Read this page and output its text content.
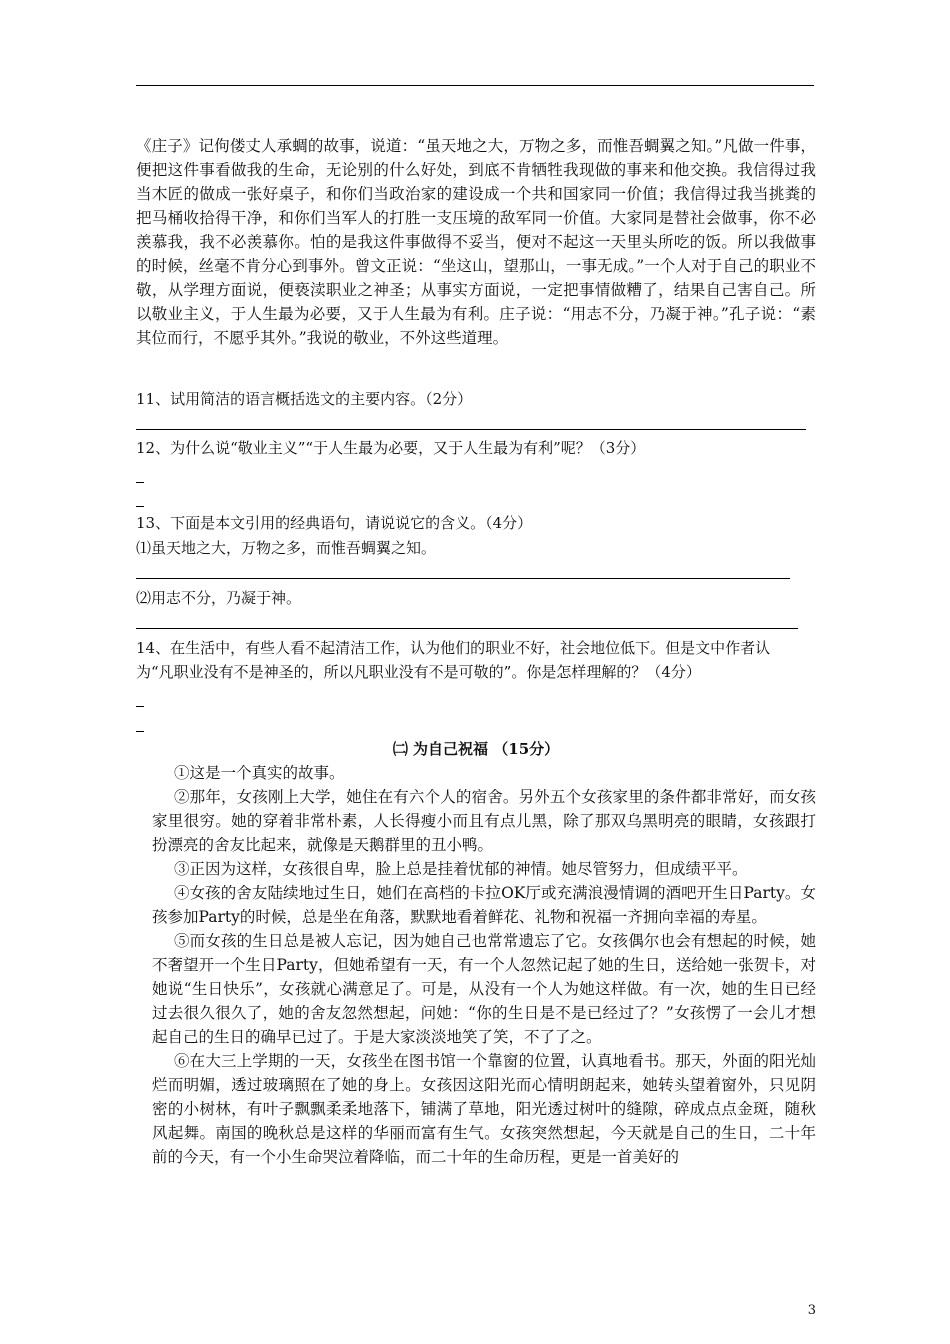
《庄子》记佝偻丈人承蜩的故事，说道：“虽天地之大，万物之多，而惟吾蜩翼之知。”凡做一件事，便把这件事看做我的生命，无论别的什么好处，到底不肯牺牲我现做的事来和他交换。我信得过我当木匠的做成一张好桌子，和你们当政治家的建设成一个共和国家同一价值；我信得过我当挑粪的把马桶收拾得干净，和你们当军人的打胜一支压境的敌军同一价值。大家同是替社会做事，你不必羡慕我，我不必羡慕你。怕的是我这件事做得不妥当，便对不起这一天里头所吃的饭。所以我做事的时候，丝毫不肯分心到事外。曾文正说：“坐这山，望那山，一事无成。”一个人对于自己的职业不敬，从学理方面说，便亵渎职业之神圣；从事实方面说，一定把事情做糟了，结果自己害自己。所以敬业主义，于人生最为必要，又于人生最为有利。庄子说：“用志不分，乃凝于神。”孔子说：“素其位而行，不愿乎其外。”我说的敬业，不外这些道理。

11、试用简洁的语言概括选文的主要内容。（2分）
12、为什么说“敬业主义”“于人生最为必要，又于人生最为有利”呢？（3分）
13、下面是本文引用的经典语句，请说说它的含义。（4分）
⑴虽天地之大，万物之多，而惟吾蜩翼之知。
⑵用志不分，乃凝于神。
14、在生活中，有些人看不起清洁工作，认为他们的职业不好，社会地位低下。但是文中作者认
为“凡职业没有不是神圣的，所以凡职业没有不是可敬的”。你是怎样理解的？（4分）
㈡ 为自己祝福 （15分）

①这是一个真实的故事。

②那年，女孩刚上大学，她住在有六个人的宿舍。另外五个女孩家里的条件都非常好，而女孩家里很穷。她的穿着非常朴素，人长得瘦小而且有点儿黑，除了那双乌黑明亮的眼睛，女孩跟打扮漂亮的舍友比起来，就像是天鹅群里的丑小鸭。

③正因为这样，女孩很自卑，脸上总是挂着忧郁的神情。她尽管努力，但成绩平平。

④女孩的舍友陆续地过生日，她们在高档的卡拉OK厅或充满浪漫情调的酒吧开生日Party。女孩参加Party的时候，总是坐在角落，默默地看着鲜花、礼物和祝福一齐拥向幸福的寿星。

⑤而女孩的生日总是被人忘记，因为她自己也常常遗忘了它。女孩偶尔也会有想起的时候，她不奢望开一个生日Party，但她希望有一天，有一个人忽然记起了她的生日，送给她一张贺卡，对她说“生日快乐”，女孩就心满意足了。可是，从没有一个人为她这样做。有一次，她的生日已经过去很久很久了，她的舍友忽然想起，问她：“你的生日是不是已经过了？”女孩愣了一会儿才想起自己的生日的确早已过了。于是大家淡淡地笑了笑，不了了之。

⑥在大三上学期的一天，女孩坐在图书馆一个靠窗的位置，认真地看书。那天，外面的阳光灿烂而明媚，透过玻璃照在了她的身上。女孩因这阳光而心情明朗起来，她转头望着窗外，只见阴密的小树林，有叶子飘飘柔柔地落下，铺满了草地，阳光透过树叶的缝隙，碎成点点金斑，随秋风起舞。南国的晚秋总是这样的华丽而富有生气。女孩突然想起，今天就是自己的生日，二十年前的今天，有一个小生命哭泣着降临，而二十年的生命历程，更是一首美好的

3
